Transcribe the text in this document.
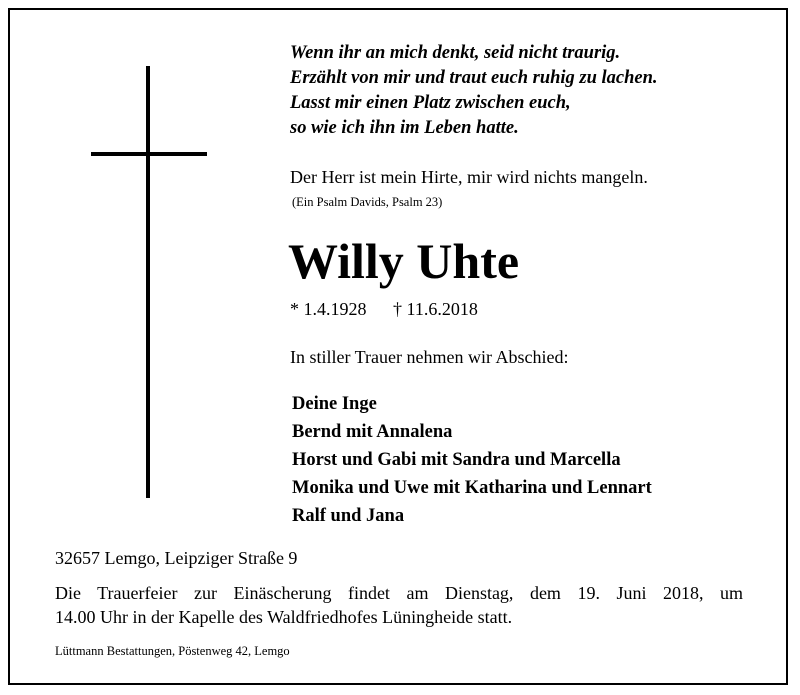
Wenn ihr an mich denkt, seid nicht traurig.
Erzählt von mir und traut euch ruhig zu lachen.
Lasst mir einen Platz zwischen euch,
so wie ich ihn im Leben hatte.
Der Herr ist mein Hirte, mir wird nichts mangeln.
(Ein Psalm Davids, Psalm 23)
Willy Uhte
* 1.4.1928 † 11.6.2018
In stiller Trauer nehmen wir Abschied:
Deine Inge
Bernd mit Annalena
Horst und Gabi mit Sandra und Marcella
Monika und Uwe mit Katharina und Lennart
Ralf und Jana
32657 Lemgo, Leipziger Straße 9
Die Trauerfeier zur Einäscherung findet am Dienstag, dem 19. Juni 2018, um
14.00 Uhr in der Kapelle des Waldfriedhofes Lüningheide statt.
Lüttmann Bestattungen, Pöstenweg 42, Lemgo
